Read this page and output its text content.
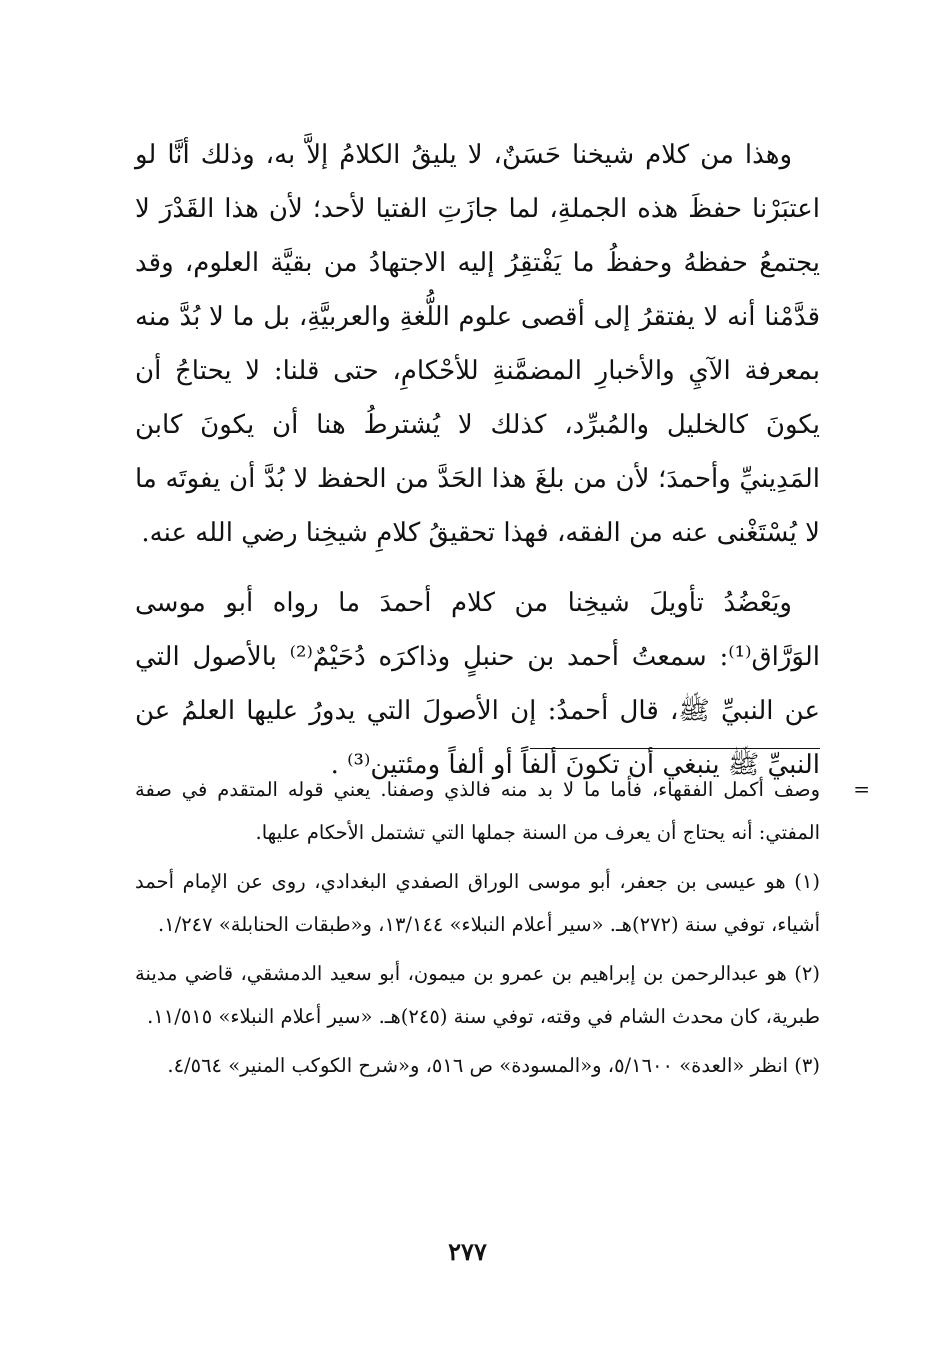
وهذا من كلام شيخنا حَسَنٌ، لا يليقُ الكلامُ إلاَّ به، وذلك أنَّا لو اعتبَرْنا حفظَ هذه الجملةِ، لما جازَتِ الفتيا لأحد؛ لأن هذا القَدْرَ لا يجتمعُ حفظهُ وحفظُ ما يَفْتقِرُ إليه الاجتهادُ من بقيَّة العلوم، وقد قدَّمْنا أنه لا يفتقرُ إلى أقصى علوم اللُّغةِ والعربيَّةِ، بل ما لا بُدَّ منه بمعرفة الآيِ والأخبارِ المضمَّنةِ للأحْكامِ، حتى قلنا: لا يحتاجُ أن يكونَ كالخليل والمُبرِّد، كذلك لا يُشترطُ هنا أن يكونَ كابن المَدِينيِّ وأحمدَ؛ لأن من بلغَ هذا الحَدَّ من الحفظ لا بُدَّ أن يفوتَه ما لا يُسْتَغْنى عنه من الفقه، فهذا تحقيقُ كلامِ شيخِنا رضي الله عنه.

ويَعْضُدُ تأويلَ شيخِنا من كلام أحمدَ ما رواه أبو موسى الوَرَّاق⁽¹⁾: سمعتُ أحمد بن حنبلٍ وذاكرَه دُحَيْمٌ⁽²⁾ بالأصول التي عن النبيِّ ﷺ، قال أحمدُ: إن الأصولَ التي يدورُ عليها العلمُ عن النبيِّ ﷺ ينبغي أن تكونَ ألفاً أو ألفاً ومئتين⁽³⁾ .

=
وصف أكمل الفقهاء، فأما ما لا بد منه فالذي وصفنا. يعني قوله المتقدم في صفة المفتي: أنه يحتاج أن يعرف من السنة جملها التي تشتمل الأحكام عليها.
(١) هو عيسى بن جعفر، أبو موسى الوراق الصفدي البغدادي، روى عن الإمام أحمد أشياء، توفي سنة (٢٧٢)هـ. «سير أعلام النبلاء» ١٣/١٤٤، و«طبقات الحنابلة» ١/٢٤٧.
(٢) هو عبدالرحمن بن إبراهيم بن عمرو بن ميمون، أبو سعيد الدمشقي، قاضي مدينة طبرية، كان محدث الشام في وقته، توفي سنة (٢٤٥)هـ. «سير أعلام النبلاء» ١١/٥١٥.
(٣) انظر «العدة» ٥/١٦٠٠، و«المسودة» ص ٥١٦، و«شرح الكوكب المنير» ٤/٥٦٤.
٢٧٧
